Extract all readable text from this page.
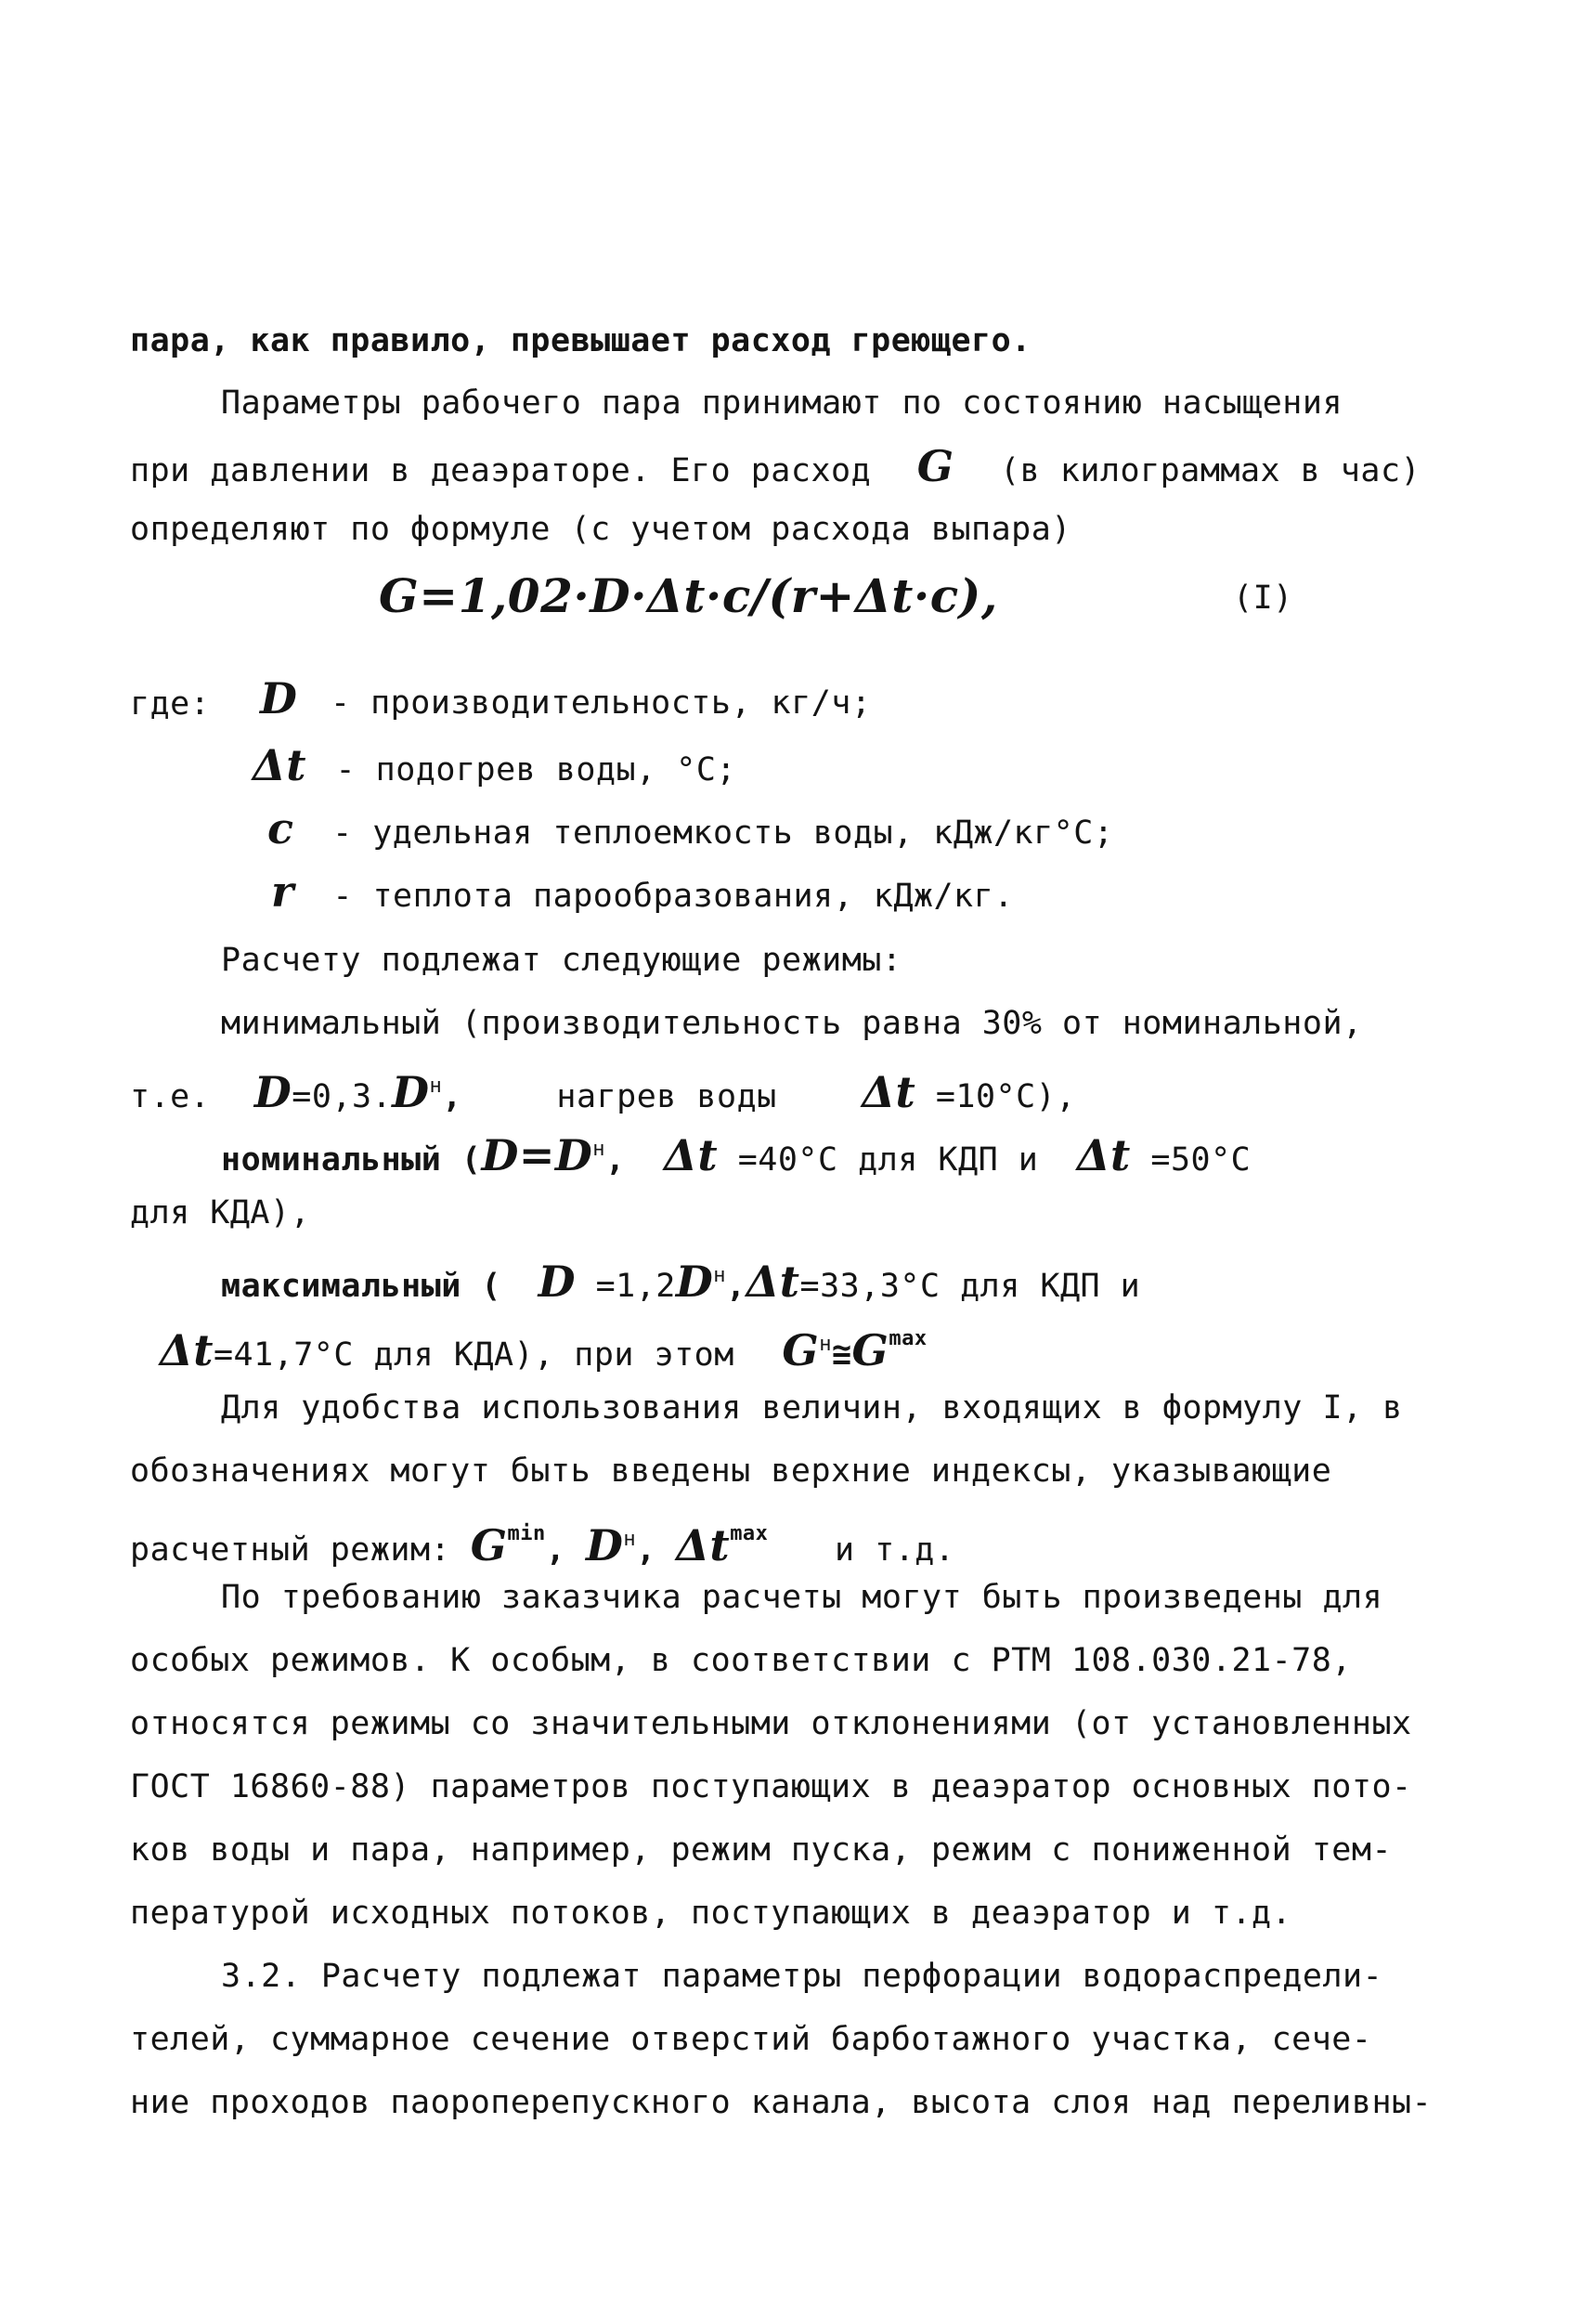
пара, как правило, превышает расход греющего.
Параметры рабочего пара принимают по состоянию насыщения
при давлении в деаэраторе. Его расход G (в килограммах в час)
определяют по формуле (с учетом расхода выпара)
G=1,02·D·Δt·c/(r+Δt·c),	(I)
где: D - производительность, кг/ч;
Δt - подогрев воды, °С;
c - удельная теплоемкость воды, кДж/кг°С;
r - теплота парообразования, кДж/кг.
Расчету подлежат следующие режимы:
минимальный (производительность равна 30% от номинальной,
т.е. $D=0,3.D^н$,	нагрев воды Δt =10°С),
номинальный ($D=D^н$, Δt =40°С для КДП и Δt =50°С
для КДА),
максимальный ( $D =1,2D^н,\Delta t=33,3^\circ С$ для КДП и
Δt=41,7°С для КДА), при этом $G^н≅G^{max}$
Для удобства использования величин, входящих в формулу I, в
обозначениях могут быть введены верхние индексы, указывающие
расчетный режим: $G^{min}$, $D^н$, $\Delta t^{max}$ и т.д.
По требованию заказчика расчеты могут быть произведены для
особых режимов. К особым, в соответствии с РТМ 108.030.21-78,
относятся режимы со значительными отклонениями (от установленных
ГОСТ 16860-88) параметров поступающих в деаэратор основных пото-
ков воды и пара, например, режим пуска, режим с пониженной тем-
пературой исходных потоков, поступающих в деаэратор и т.д.
3.2. Расчету подлежат параметры перфорации водораспредели-
телей, суммарное сечение отверстий барботажного участка, сече-
ние проходов паороперепускного канала, высота слоя над переливны-
